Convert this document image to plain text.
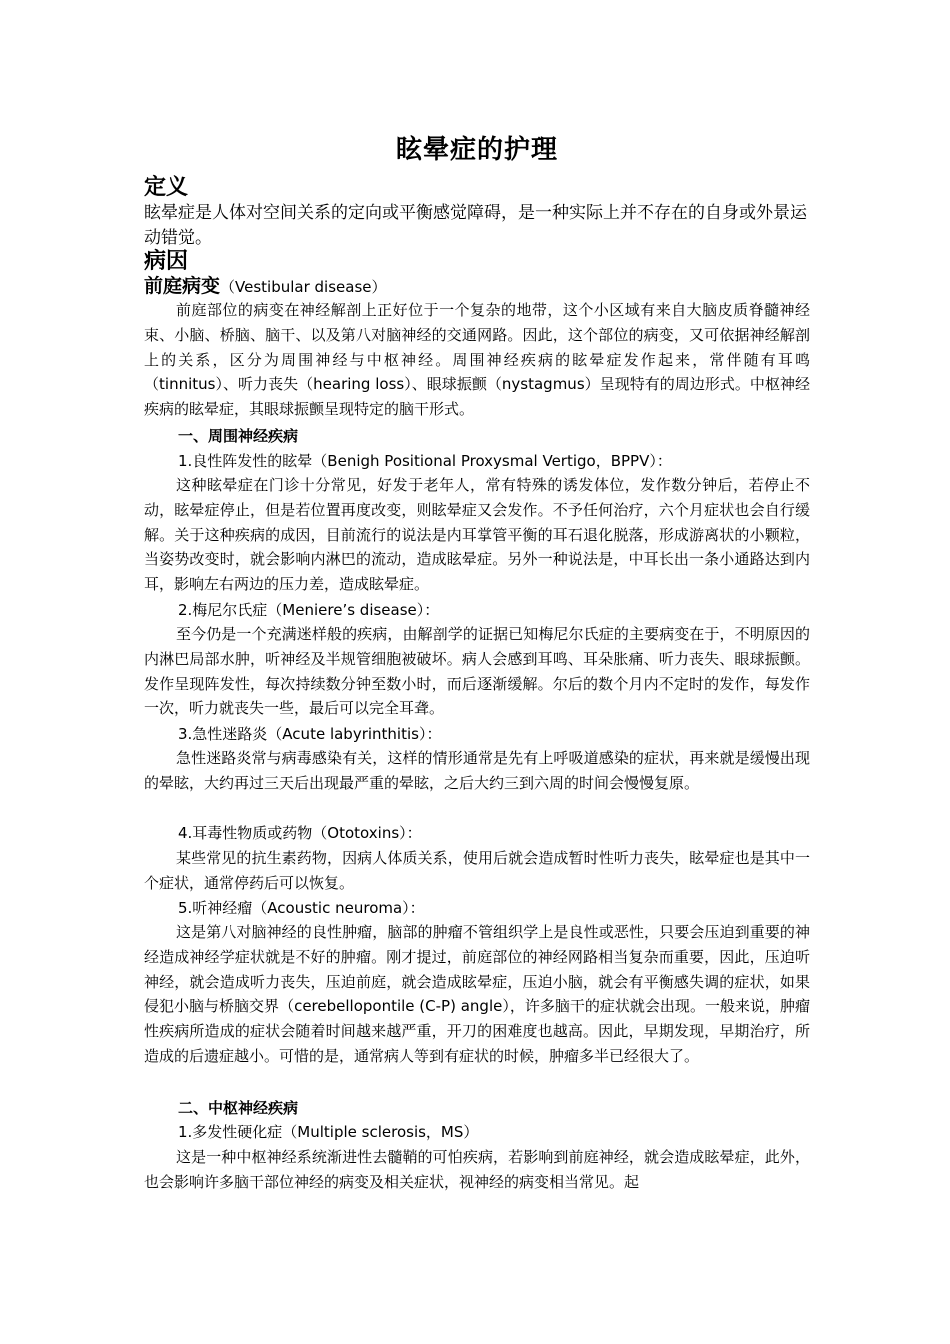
眩晕症的护理
定义
眩晕症是人体对空间关系的定向或平衡感觉障碍，是一种实际上并不存在的自身或外景运动错觉。
病因
前庭病变（Vestibular disease）
前庭部位的病变在神经解剖上正好位于一个复杂的地带，这个小区域有来自大脑皮质脊髓神经束、小脑、桥脑、脑干、以及第八对脑神经的交通网路。因此，这个部位的病变，又可依据神经解剖上的关系，区分为周围神经与中枢神经。周围神经疾病的眩晕症发作起来，常伴随有耳鸣（tinnitus）、听力丧失（hearing loss）、眼球振颤（nystagmus）呈现特有的周边形式。中枢神经疾病的眩晕症，其眼球振颤呈现特定的脑干形式。
一、周围神经疾病
1.良性阵发性的眩晕（Benigh Positional Proxysmal Vertigo，BPPV）：
这种眩晕症在门诊十分常见，好发于老年人，常有特殊的诱发体位，发作数分钟后，若停止不动，眩晕症停止，但是若位置再度改变，则眩晕症又会发作。不予任何治疗，六个月症状也会自行缓解。关于这种疾病的成因，目前流行的说法是内耳掌管平衡的耳石退化脱落，形成游离状的小颗粒，当姿势改变时，就会影响内淋巴的流动，造成眩晕症。另外一种说法是，中耳长出一条小通路达到内耳，影响左右两边的压力差，造成眩晕症。
2.梅尼尔氏症（Meniere’s disease）：
至今仍是一个充满迷样般的疾病，由解剖学的证据已知梅尼尔氏症的主要病变在于，不明原因的内淋巴局部水肿，听神经及半规管细胞被破坏。病人会感到耳鸣、耳朵胀痛、听力丧失、眼球振颤。发作呈现阵发性，每次持续数分钟至数小时，而后逐渐缓解。尔后的数个月内不定时的发作，每发作一次，听力就丧失一些，最后可以完全耳聋。
3.急性迷路炎（Acute labyrinthitis）：
急性迷路炎常与病毒感染有关，这样的情形通常是先有上呼吸道感染的症状，再来就是缓慢出现的晕眩，大约再过三天后出现最严重的晕眩，之后大约三到六周的时间会慢慢复原。
4.耳毒性物质或药物（Ototoxins）：
某些常见的抗生素药物，因病人体质关系，使用后就会造成暂时性听力丧失，眩晕症也是其中一个症状，通常停药后可以恢复。
5.听神经瘤（Acoustic neuroma）：
这是第八对脑神经的良性肿瘤，脑部的肿瘤不管组织学上是良性或恶性，只要会压迫到重要的神经造成神经学症状就是不好的肿瘤。刚才提过，前庭部位的神经网路相当复杂而重要，因此，压迫听神经，就会造成听力丧失，压迫前庭，就会造成眩晕症，压迫小脑，就会有平衡感失调的症状，如果侵犯小脑与桥脑交界（cerebellopontile (C-P) angle），许多脑干的症状就会出现。一般来说，肿瘤性疾病所造成的症状会随着时间越来越严重，开刀的困难度也越高。因此，早期发现，早期治疗，所造成的后遗症越小。可惜的是，通常病人等到有症状的时候，肿瘤多半已经很大了。
二、中枢神经疾病
1.多发性硬化症（Multiple sclerosis，MS）
这是一种中枢神经系统渐进性去髓鞘的可怕疾病，若影响到前庭神经，就会造成眩晕症，此外，也会影响许多脑干部位神经的病变及相关症状，视神经的病变相当常见。起
